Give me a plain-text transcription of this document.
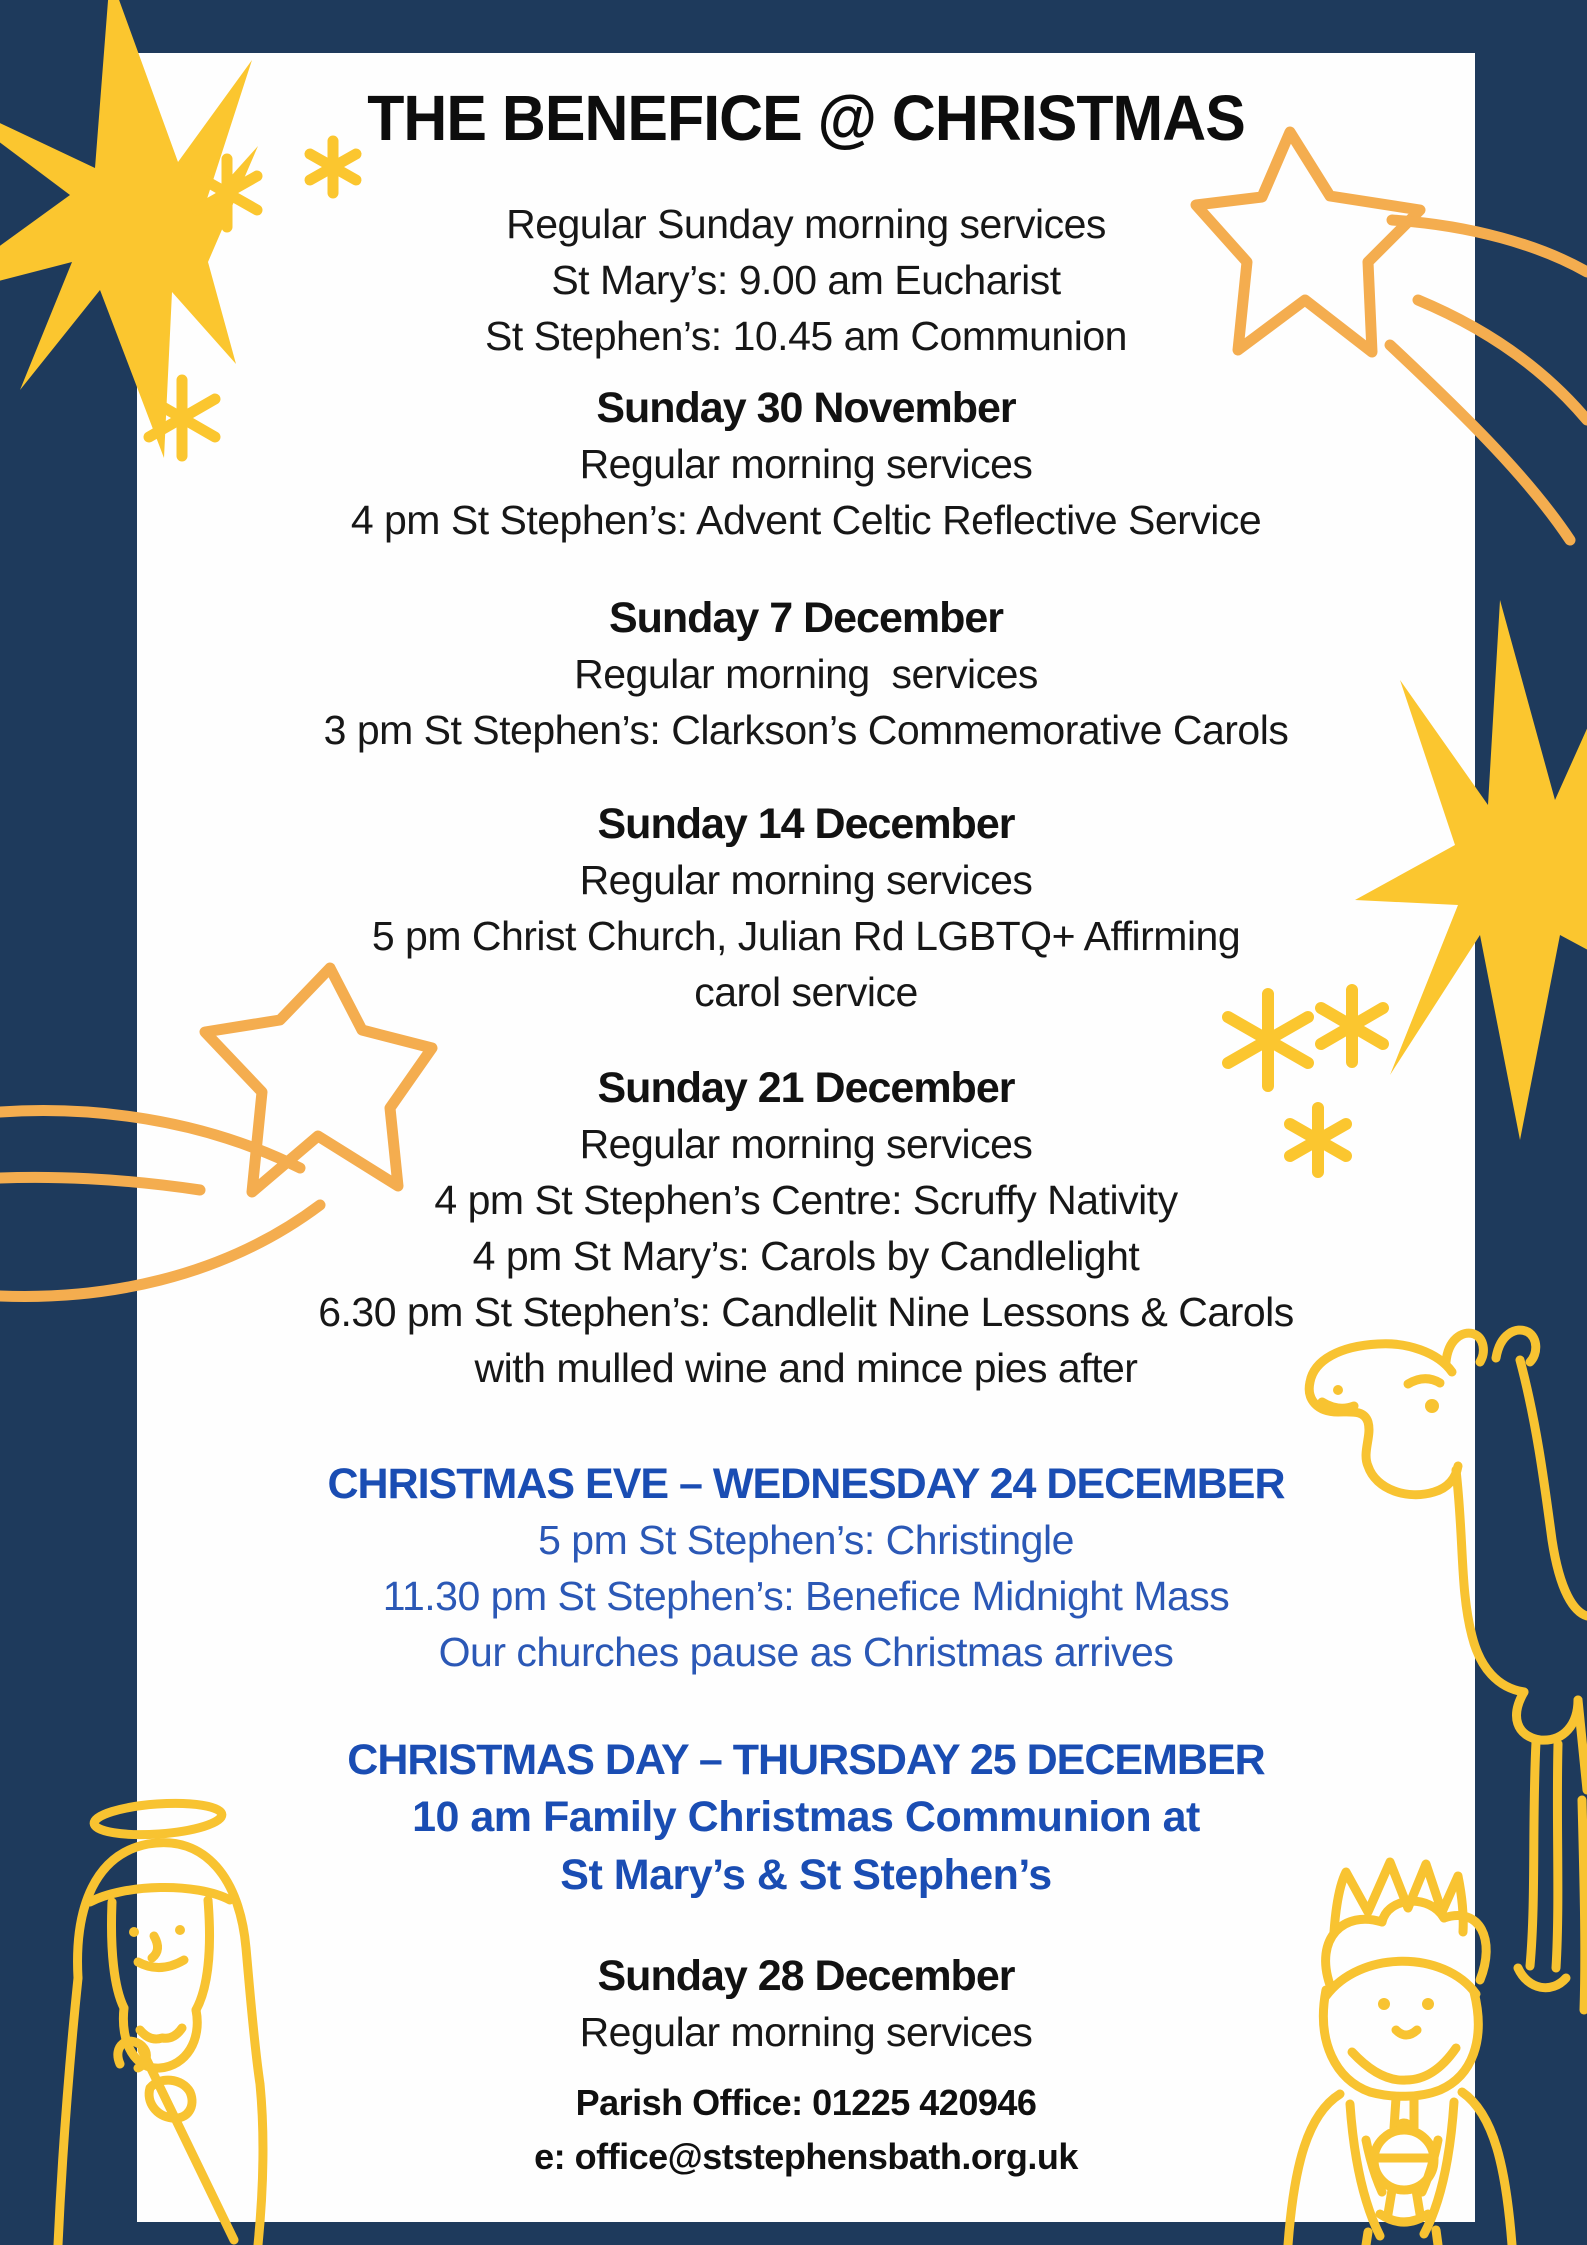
THE BENEFICE @ CHRISTMAS

Regular Sunday morning services

St Mary’s: 9.00 am Eucharist

St Stephen’s: 10.45 am Communion

Sunday 30 November

Regular morning services

4 pm St Stephen’s: Advent Celtic Reflective Service

Sunday 7 December

Regular morning  services

3 pm St Stephen’s: Clarkson’s Commemorative Carols

Sunday 14 December

Regular morning services

5 pm Christ Church, Julian Rd LGBTQ+ Affirming

carol service

Sunday 21 December

Regular morning services

4 pm St Stephen’s Centre: Scruffy Nativity

4 pm St Mary’s: Carols by Candlelight

6.30 pm St Stephen’s: Candlelit Nine Lessons & Carols

with mulled wine and mince pies after

CHRISTMAS EVE – WEDNESDAY 24 DECEMBER

5 pm St Stephen’s: Christingle

11.30 pm St Stephen’s: Benefice Midnight Mass

Our churches pause as Christmas arrives

CHRISTMAS DAY – THURSDAY 25 DECEMBER

10 am Family Christmas Communion at

St Mary’s & St Stephen’s

Sunday 28 December

Regular morning services

Parish Office: 01225 420946

e: office@ststephensbath.org.uk
